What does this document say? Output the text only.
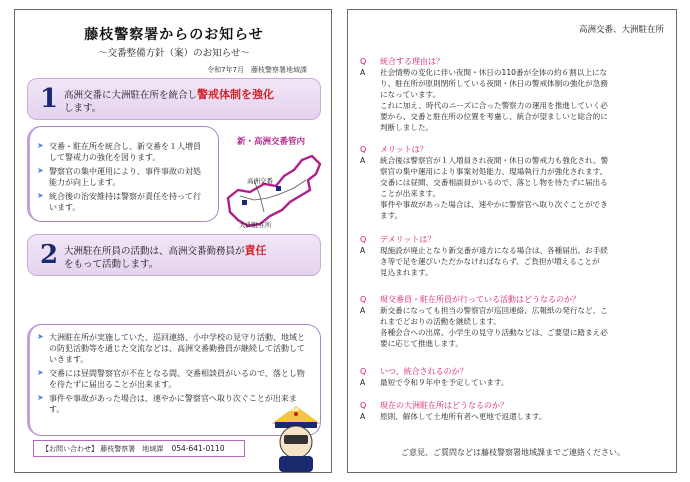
藤枝警察署からのお知らせ
〜交番整備方針（案）のお知らせ〜
令和7年7月　藤枝警察署地域課
1 高洲交番に大洲駐在所を統合し警戒体制を強化
します。
➤ 交番・駐在所を統合し、新交番を１人増員して警戒力の強化を図ります。
➤ 警察官の集中運用により、事件事故の対処能力が向上します。
➤ 統合後の治安維持は警察が責任を持って行います。
新・高洲交番管内
高洲交番
大洲駐在所
2 大洲駐在所員の活動は、高洲交番勤務員が責任
をもって活動します。
➤ 大洲駐在所が実施していた、巡回連絡、小中学校の見守り活動、地域との防犯活動等を通じた交流などは、高洲交番勤務員が継続して活動していきます。
➤ 交番には昼間警察官が不在となる間、交番相談員がいるので、落とし物を待たずに届出ることが出来ます。
➤ 事件や事故があった場合は、速やかに警察官へ取り次ぐことが出来ます。
【お問い合わせ】 藤枝警察署　地域課 054-641-0110
KOBAN
高洲交番、大洲駐在所
Q	統合する理由は？
A	社会情勢の変化に伴い夜間・休日の110番が全体の約６割以上にな
り、駐在所が原則閉所している夜間・休日の警戒体制の強化が急務
になっています。
これに加え、時代のニーズに合った警察力の運用を推進していく必
要から、交番と駐在所の位置を考慮し、統合が望ましいと総合的に
判断しました。
Q	メリットは？
A	統合後は警察官が１人増員され夜間・休日の警戒力も強化され、警
察官の集中運用により事案対処能力、現場執行力が強化されます。
交番には昼間、交番相談員がいるので、落とし物を待たずに届出る
ことが出来ます。
事件や事故があった場合は、速やかに警察官へ取り次ぐことができ
ます。
Q	デメリットは？
A	現施設が廃止となり新交番が遠方になる場合は、各種届出、お手続
き等で足を運びいただかなければならず、ご負担が増えることが
見込まれます。
Q	現交番員・駐在所員が行っている活動はどうなるのか？
A	新交番になっても担当の警察官が巡回連絡、広報紙の発行など、こ
れまでどおりの活動を継続します。
各種会合への出席、小学生の見守り活動などは、ご要望に踏まえ必
要に応じて推進します。
Q	いつ、統合されるのか？
A	最短で令和９年中を予定しています。
Q	現在の大洲駐在所はどうなるのか？
A	原則、解体して土地所有者へ更地で返還します。
ご意見、ご質問などは藤枝警察署地域課までご連絡ください。
